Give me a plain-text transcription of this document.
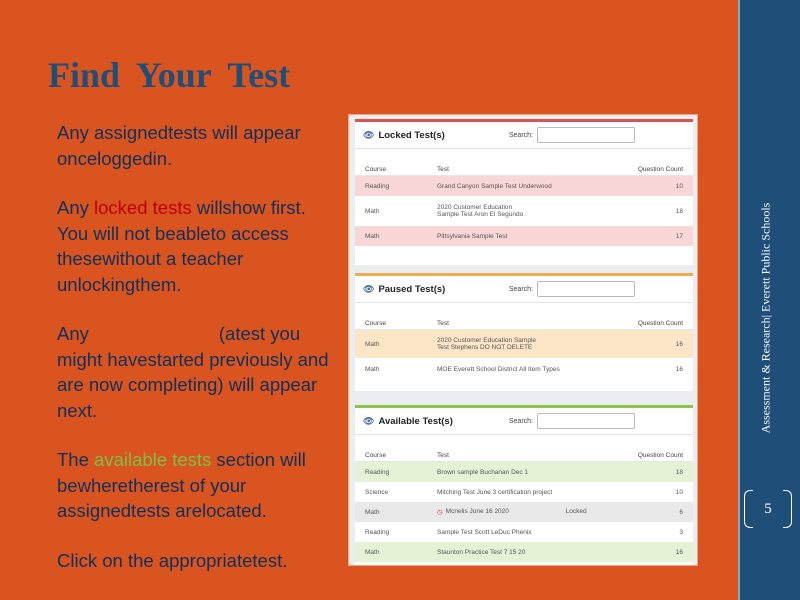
Find Your Test

Any assignedtests will appear onceloggedin.

Any locked tests willshow first. You will not beableto access thesewithout a teacher unlockingthem.

Any	(atest you might havestarted previously and are now completing) will appear next.

The available tests section will bewheretherest of your assignedtests arelocated.

Click on the appropriatetest.

👁 Locked Test(s)	Search:
Course	Test	Question Count
Reading	Grand Canyon Sample Test Underwood	10
Math	2020 Customer Education Sample Test Aron El Segundo	18
Math	Pittsylvania Sample Test	17
👁 Paused Test(s)	Search:
Course	Test	Question Count
Math	2020 Customer Education Sample Test Stephens DO NOT DELETE	16
Math	MOE Everett School District All Item Types	16
👁 Available Test(s)	Search:
Course	Test	Question Count
Reading	Brown sample Buchanan Dec 1	18
Science	Mitching Test June 3 certification project	10
Math	◷ Mcnelis June 16 2020	Locked	6
Reading	Sample Test Scott LeDuc Phenix	3
Math	Staunton Practice Test 7 15 20	16
Assessment & Research| Everett Public Schools
5
